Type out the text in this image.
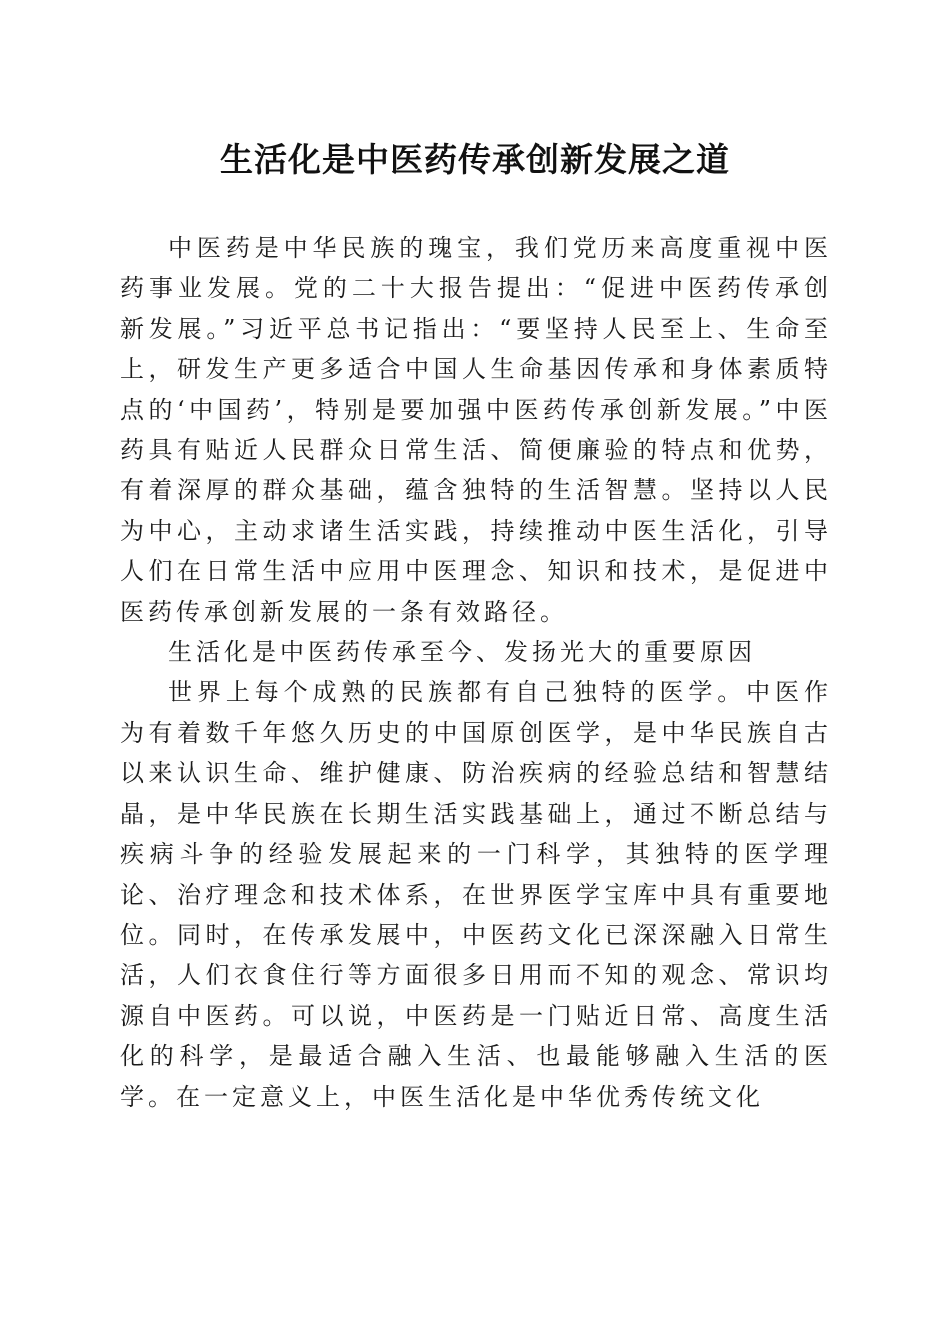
生活化是中医药传承创新发展之道

中医药是中华民族的瑰宝，我们党历来高度重视中医药事业发展。党的二十大报告提出：“促进中医药传承创新发展。”习近平总书记指出：“要坚持人民至上、生命至上，研发生产更多适合中国人生命基因传承和身体素质特点的‘中国药’，特别是要加强中医药传承创新发展。”中医药具有贴近人民群众日常生活、简便廉验的特点和优势，有着深厚的群众基础，蕴含独特的生活智慧。坚持以人民为中心，主动求诸生活实践，持续推动中医生活化，引导人们在日常生活中应用中医理念、知识和技术，是促进中医药传承创新发展的一条有效路径。

生活化是中医药传承至今、发扬光大的重要原因

世界上每个成熟的民族都有自己独特的医学。中医作为有着数千年悠久历史的中国原创医学，是中华民族自古以来认识生命、维护健康、防治疾病的经验总结和智慧结晶，是中华民族在长期生活实践基础上，通过不断总结与疾病斗争的经验发展起来的一门科学，其独特的医学理论、治疗理念和技术体系，在世界医学宝库中具有重要地位。同时，在传承发展中，中医药文化已深深融入日常生活，人们衣食住行等方面很多日用而不知的观念、常识均源自中医药。可以说，中医药是一门贴近日常、高度生活化的科学，是最适合融入生活、也最能够融入生活的医学。在一定意义上，中医生活化是中华优秀传统文化
